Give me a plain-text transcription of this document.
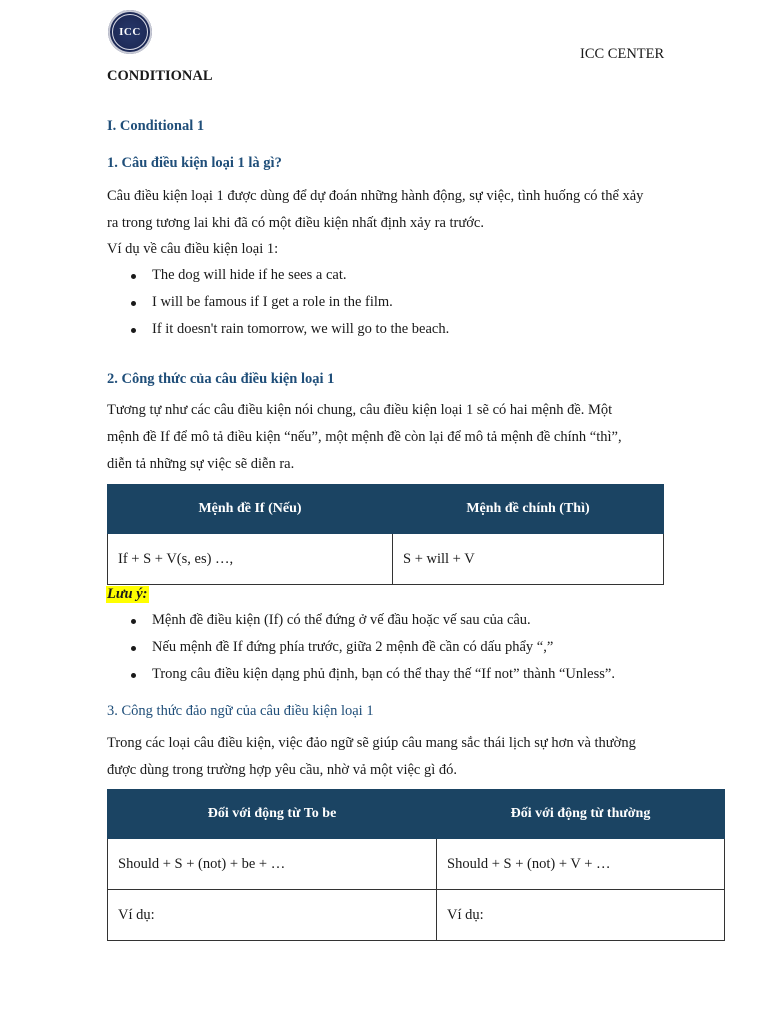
ICC
ICC CENTER
CONDITIONAL
I. Conditional 1
1. Câu điều kiện loại 1 là gì?

Câu điều kiện loại 1 được dùng để dự đoán những hành động, sự việc, tình huống có thể xảy

ra trong tương lai khi đã có một điều kiện nhất định xảy ra trước.

Ví dụ về câu điều kiện loại 1:
The dog will hide if he sees a cat.
I will be famous if I get a role in the film.
If it doesn't rain tomorrow, we will go to the beach.
2. Công thức của câu điều kiện loại 1

Tương tự như các câu điều kiện nói chung, câu điều kiện loại 1 sẽ có hai mệnh đề. Một

mệnh đề If để mô tả điều kiện “nếu”, một mệnh đề còn lại để mô tả mệnh đề chính “thì”,

diễn tả những sự việc sẽ diễn ra.

Mệnh đề If (Nếu)	Mệnh đề chính (Thì)
If + S + V(s, es) …,	S + will + V
Lưu ý:
Mệnh đề điều kiện (If) có thể đứng ở vế đầu hoặc vế sau của câu.
Nếu mệnh đề If đứng phía trước, giữa 2 mệnh đề cần có dấu phẩy “,”
Trong câu điều kiện dạng phủ định, bạn có thể thay thế “If not” thành “Unless”.
3. Công thức đảo ngữ của câu điều kiện loại 1

Trong các loại câu điều kiện, việc đảo ngữ sẽ giúp câu mang sắc thái lịch sự hơn và thường

được dùng trong trường hợp yêu cầu, nhờ vả một việc gì đó.

Đối với động từ To be	Đối với động từ thường
Should + S + (not) + be + …	Should + S + (not) + V + …
Ví dụ:	Ví dụ:
